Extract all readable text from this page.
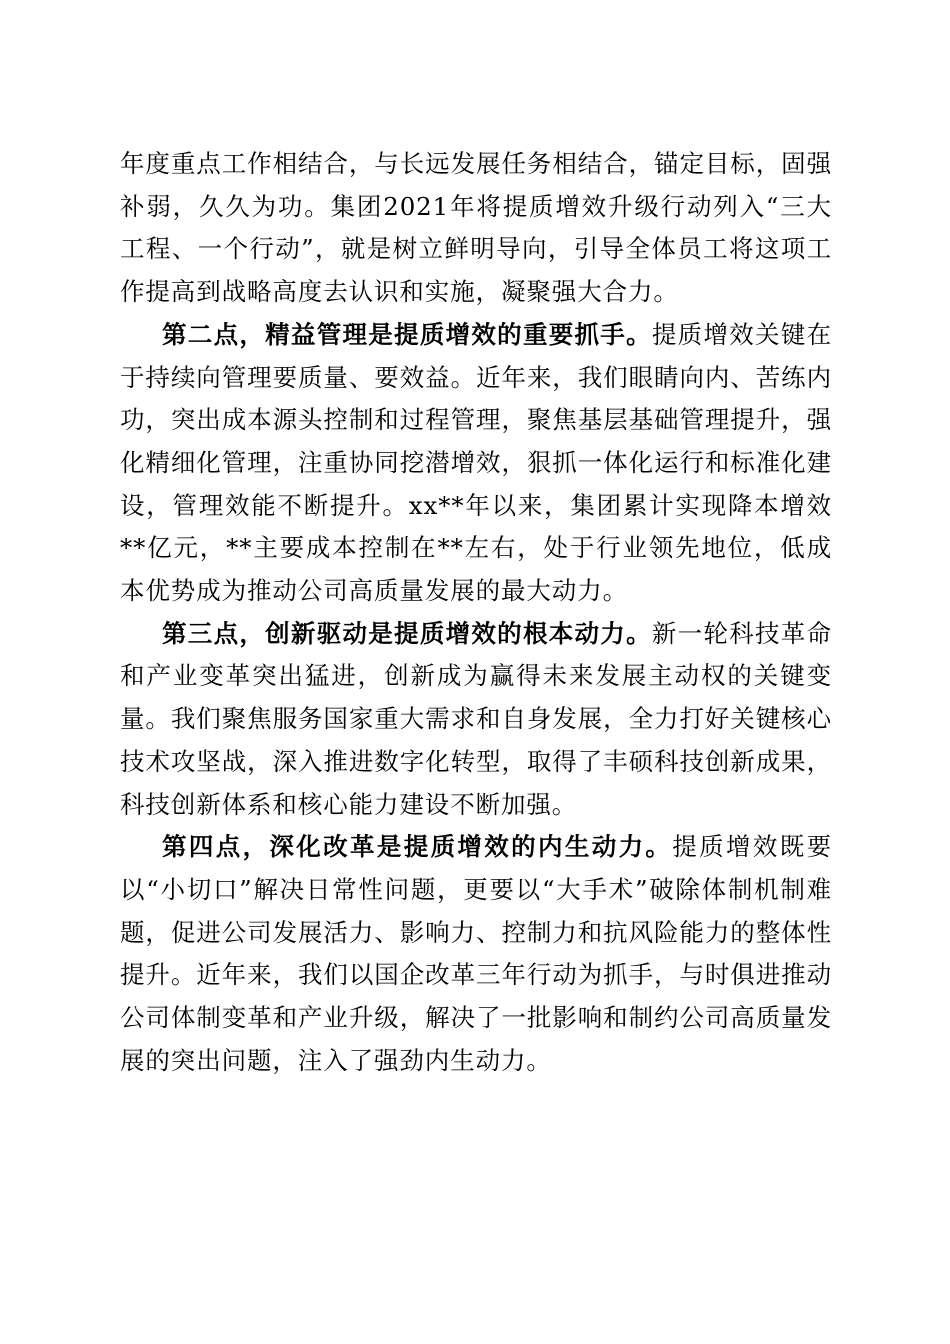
年度重点工作相结合，与长远发展任务相结合，锚定目标，固强补弱，久久为功。集团2021年将提质增效升级行动列入“三大工程、一个行动”，就是树立鲜明导向，引导全体员工将这项工作提高到战略高度去认识和实施，凝聚强大合力。

第二点，精益管理是提质增效的重要抓手。提质增效关键在于持续向管理要质量、要效益。近年来，我们眼睛向内、苦练内功，突出成本源头控制和过程管理，聚焦基层基础管理提升，强化精细化管理，注重协同挖潜增效，狠抓一体化运行和标准化建设，管理效能不断提升。xx**年以来，集团累计实现降本增效**亿元，**主要成本控制在**左右，处于行业领先地位，低成本优势成为推动公司高质量发展的最大动力。

第三点，创新驱动是提质增效的根本动力。新一轮科技革命和产业变革突出猛进，创新成为赢得未来发展主动权的关键变量。我们聚焦服务国家重大需求和自身发展，全力打好关键核心技术攻坚战，深入推进数字化转型，取得了丰硕科技创新成果，科技创新体系和核心能力建设不断加强。

第四点，深化改革是提质增效的内生动力。提质增效既要以“小切口”解决日常性问题，更要以“大手术”破除体制机制难题，促进公司发展活力、影响力、控制力和抗风险能力的整体性提升。近年来，我们以国企改革三年行动为抓手，与时俱进推动公司体制变革和产业升级，解决了一批影响和制约公司高质量发展的突出问题，注入了强劲内生动力。
